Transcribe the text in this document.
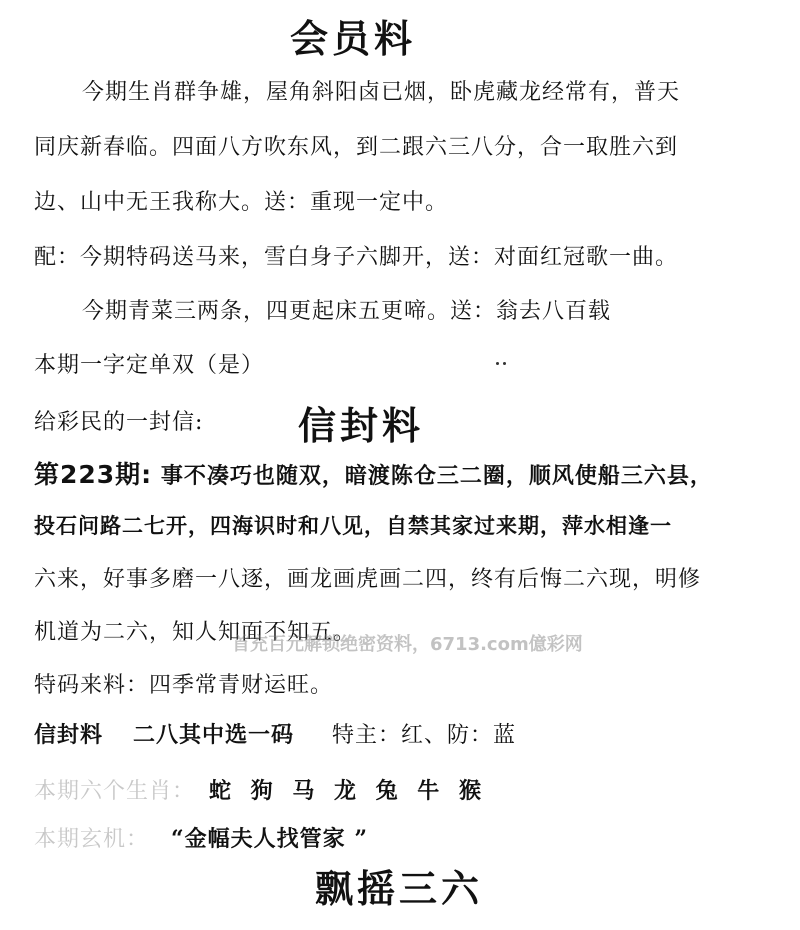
会员料
今期生肖群争雄，屋角斜阳卤已烟，卧虎藏龙经常有，普天
同庆新春临。四面八方吹东风，到二跟六三八分，合一取胜六到
边、山中无王我称大。送：重现一定中。
配：今期特码送马来，雪白身子六脚开，送：对面红冠歌一曲。
今期青菜三两条，四更起床五更啼。送：翁去八百载
本期一字定单双（是）
给彩民的一封信: 信封料
第223期: 事不凑巧也随双，暗渡陈仓三二圈，顺风使船三六县，
投石问路二七开，四海识时和八见，自禁其家过来期，萍水相逢一
六来，好事多磨一八逐，画龙画虎画二四，终有后悔二六现，明修
机道为二六，知人知面不知五。
首充百元解锁绝密资料，6713.com億彩网
特码来料：四季常青财运旺。
信封料 二八其中选一码 特主：红、防：蓝
本期六个生肖： 蛇 狗 马 龙 兔 牛 猴
本期玄机： “金幅夫人找管家 ”
飘摇三六
